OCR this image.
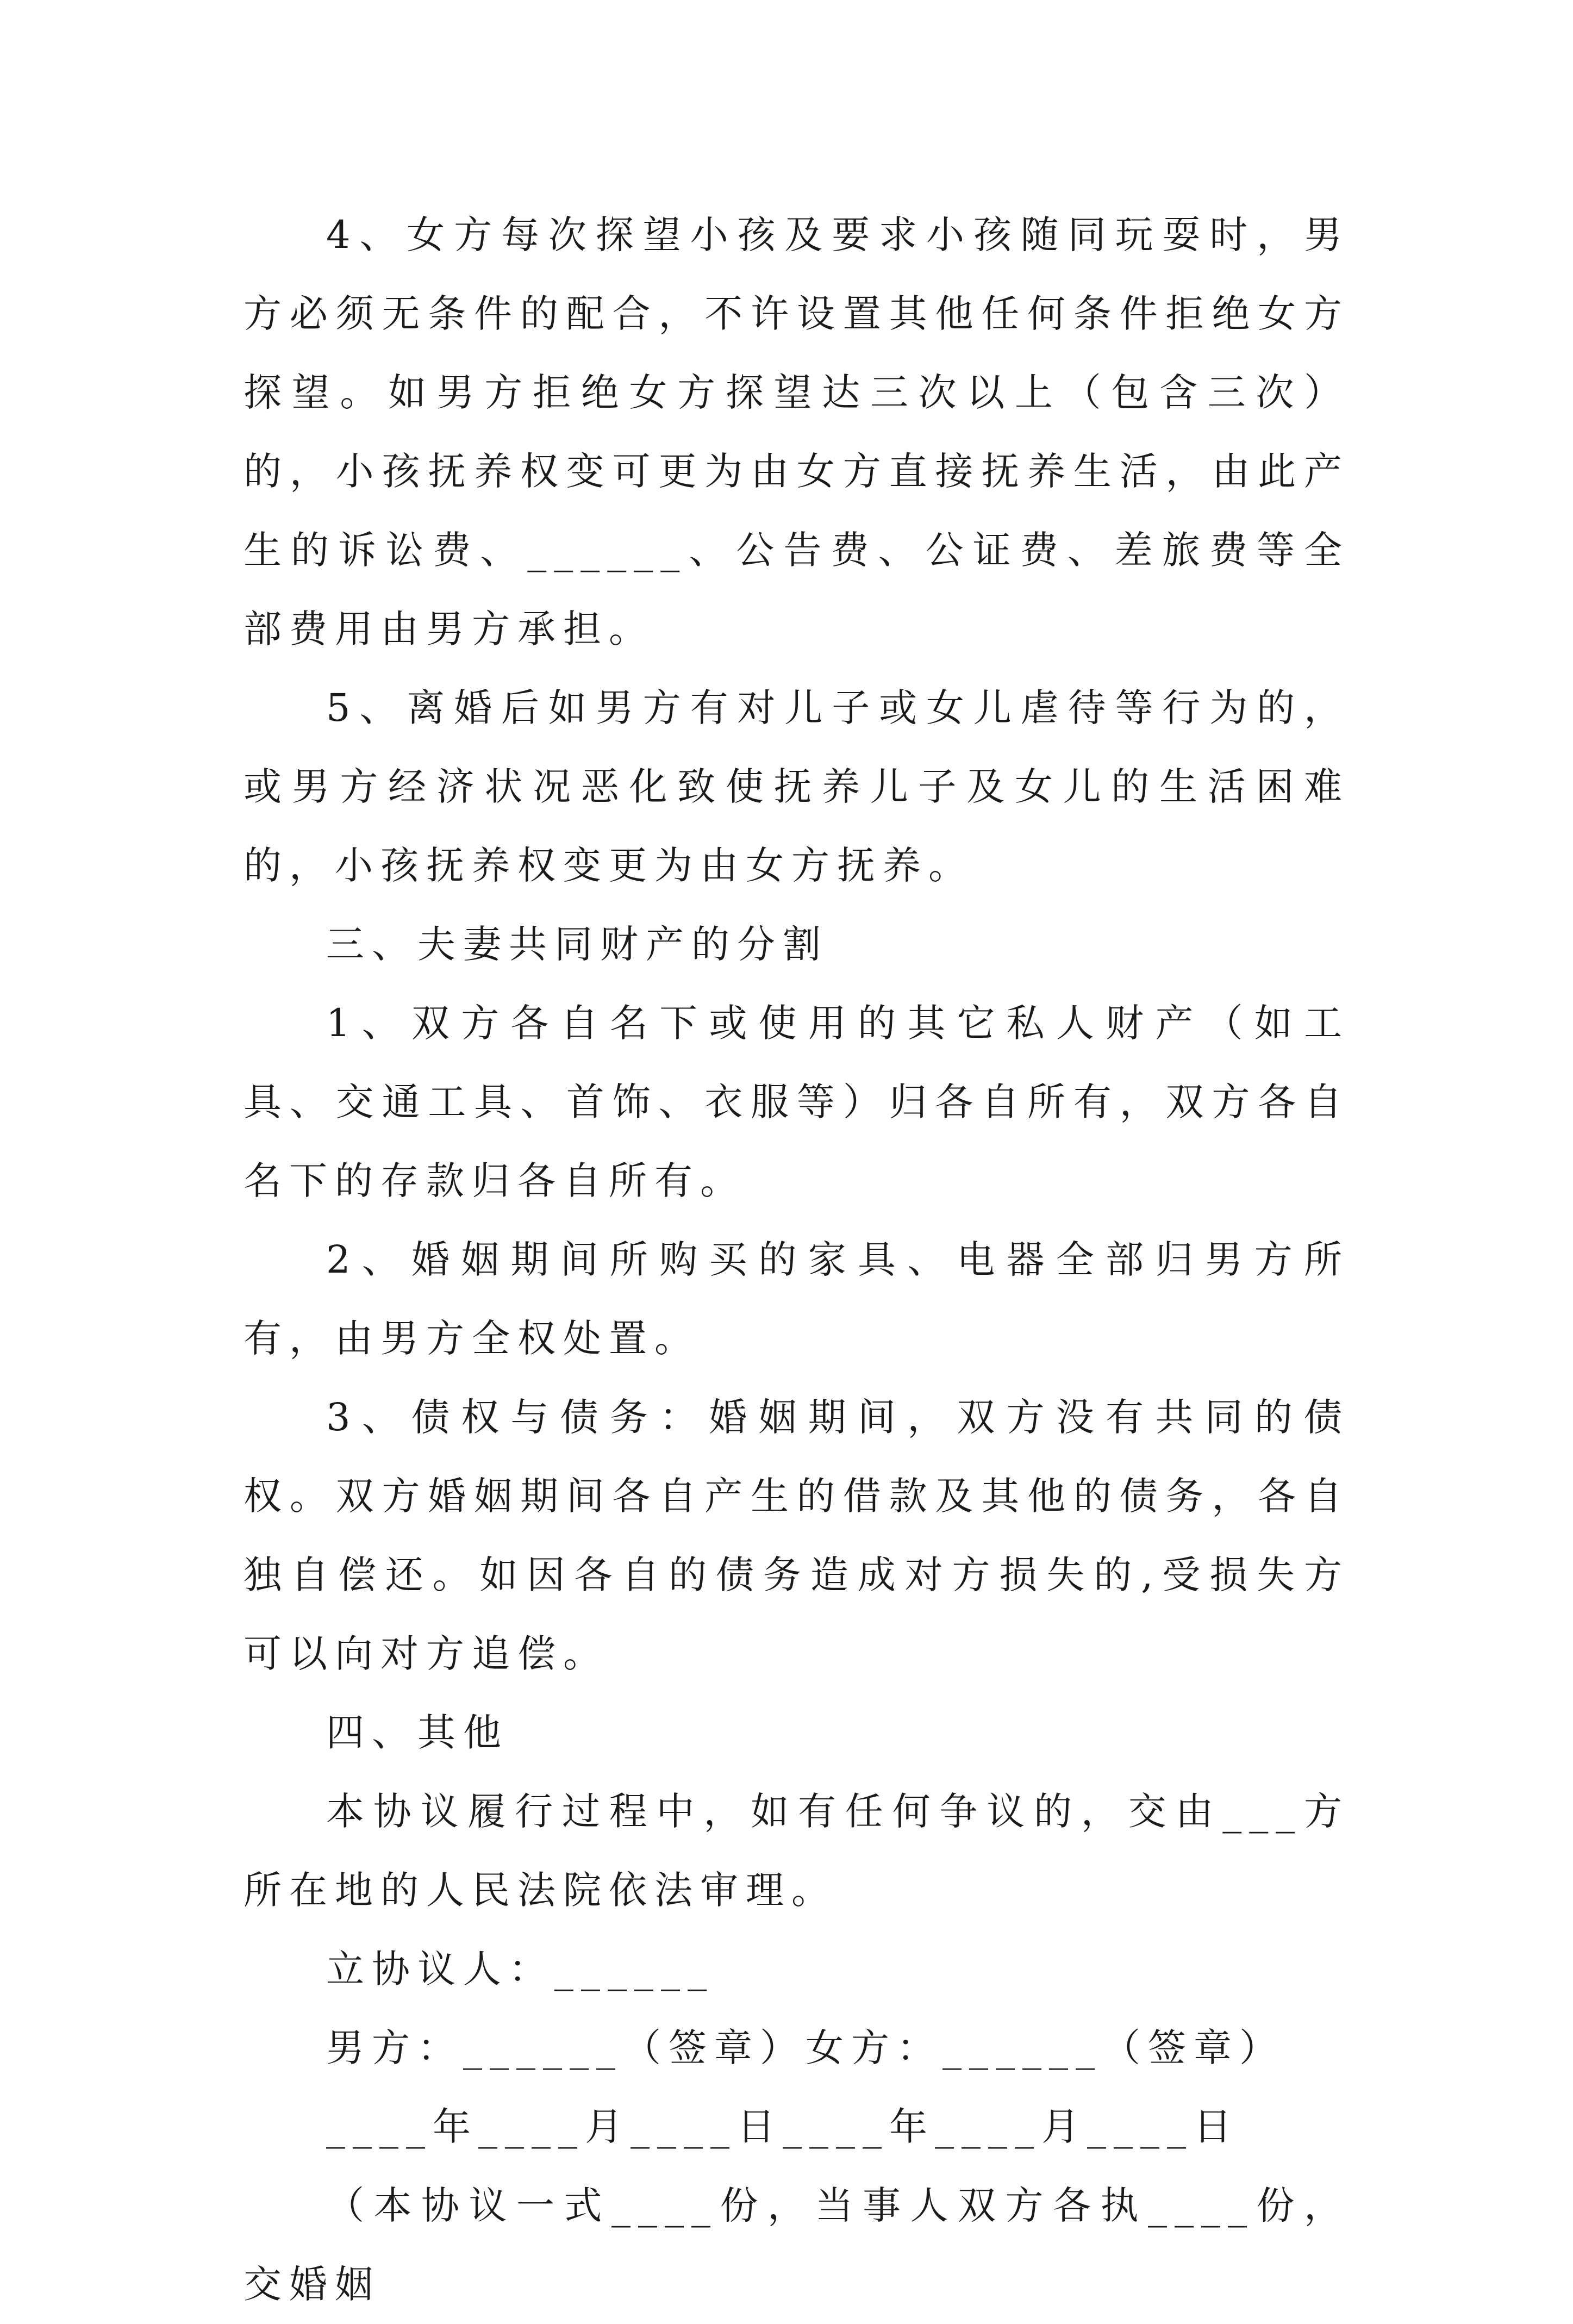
4、女方每次探望小孩及要求小孩随同玩耍时，男方必须无条件的配合，不许设置其他任何条件拒绝女方探望。如男方拒绝女方探望达三次以上（包含三次）的，小孩抚养权变可更为由女方直接抚养生活，由此产生的诉讼费、______、公告费、公证费、差旅费等全部费用由男方承担。

5、离婚后如男方有对儿子或女儿虐待等行为的，或男方经济状况恶化致使抚养儿子及女儿的生活困难的，小孩抚养权变更为由女方抚养。

三、夫妻共同财产的分割

1、双方各自名下或使用的其它私人财产（如工具、交通工具、首饰、衣服等）归各自所有，双方各自名下的存款归各自所有。

2、婚姻期间所购买的家具、电器全部归男方所有，由男方全权处置。

3、债权与债务：婚姻期间，双方没有共同的债权。双方婚姻期间各自产生的借款及其他的债务，各自独自偿还。如因各自的债务造成对方损失的,受损失方可以向对方追偿。

四、其他

本协议履行过程中，如有任何争议的，交由___方所在地的人民法院依法审理。

立协议人：______

男方：______（签章）女方：______（签章）

____年____月____日____年____月____日

（本协议一式____份，当事人双方各执____份，交婚姻
